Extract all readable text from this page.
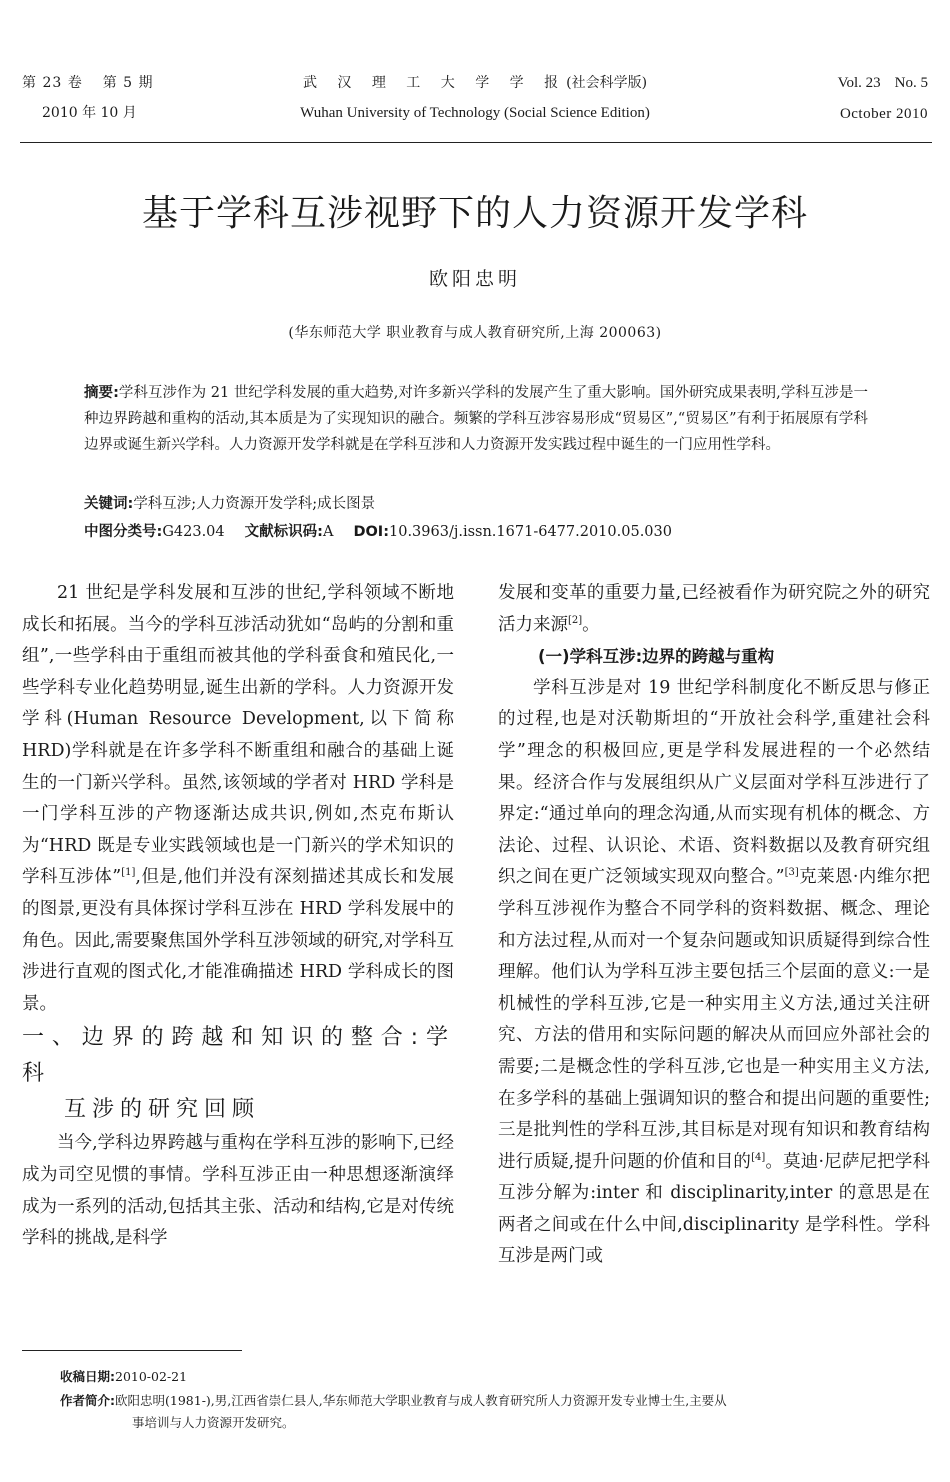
第 23 卷 第 5 期
2010 年 10 月
武 汉 理 工 大 学 学 报(社会科学版)
Wuhan University of Technology (Social Science Edition)
Vol. 23 No. 5
October 2010
基于学科互涉视野下的人力资源开发学科
欧阳忠明
(华东师范大学 职业教育与成人教育研究所,上海 200063)
摘要:学科互涉作为 21 世纪学科发展的重大趋势,对许多新兴学科的发展产生了重大影响。国外研究成果表明,学科互涉是一种边界跨越和重构的活动,其本质是为了实现知识的融合。频繁的学科互涉容易形成“贸易区”,“贸易区”有利于拓展原有学科边界或诞生新兴学科。人力资源开发学科就是在学科互涉和人力资源开发实践过程中诞生的一门应用性学科。
关键词:学科互涉;人力资源开发学科;成长图景
中图分类号:G423.04 文献标识码:A DOI:10.3963/j.issn.1671-6477.2010.05.030

21 世纪是学科发展和互涉的世纪,学科领域不断地成长和拓展。当今的学科互涉活动犹如“岛屿的分割和重组”,一些学科由于重组而被其他的学科蚕食和殖民化,一些学科专业化趋势明显,诞生出新的学科。人力资源开发学科(Human Resource Development,以下简称 HRD)学科就是在许多学科不断重组和融合的基础上诞生的一门新兴学科。虽然,该领域的学者对 HRD 学科是一门学科互涉的产物逐渐达成共识,例如,杰克布斯认为“HRD 既是专业实践领域也是一门新兴的学术知识的学科互涉体”[1],但是,他们并没有深刻描述其成长和发展的图景,更没有具体探讨学科互涉在 HRD 学科发展中的角色。因此,需要聚焦国外学科互涉领域的研究,对学科互涉进行直观的图式化,才能准确描述 HRD 学科成长的图景。

一、边界的跨越和知识的整合:学科
互涉的研究回顾

当今,学科边界跨越与重构在学科互涉的影响下,已经成为司空见惯的事情。学科互涉正由一种思想逐渐演绎成为一系列的活动,包括其主张、活动和结构,它是对传统学科的挑战,是科学

发展和变革的重要力量,已经被看作为研究院之外的研究活力来源[2]。

(一)学科互涉:边界的跨越与重构

学科互涉是对 19 世纪学科制度化不断反思与修正的过程,也是对沃勒斯坦的“开放社会科学,重建社会科学”理念的积极回应,更是学科发展进程的一个必然结果。经济合作与发展组织从广义层面对学科互涉进行了界定:“通过单向的理念沟通,从而实现有机体的概念、方法论、过程、认识论、术语、资料数据以及教育研究组织之间在更广泛领域实现双向整合。”[3]克莱恩·内维尔把学科互涉视作为整合不同学科的资料数据、概念、理论和方法过程,从而对一个复杂问题或知识质疑得到综合性理解。他们认为学科互涉主要包括三个层面的意义:一是机械性的学科互涉,它是一种实用主义方法,通过关注研究、方法的借用和实际问题的解决从而回应外部社会的需要;二是概念性的学科互涉,它也是一种实用主义方法,在多学科的基础上强调知识的整合和提出问题的重要性;三是批判性的学科互涉,其目标是对现有知识和教育结构进行质疑,提升问题的价值和目的[4]。莫迪·尼萨尼把学科互涉分解为:inter 和 disciplinarity,inter 的意思是在两者之间或在什么中间,disciplinarity 是学科性。学科互涉是两门或

收稿日期:2010-02-21
作者简介:欧阳忠明(1981-),男,江西省崇仁县人,华东师范大学职业教育与成人教育研究所人力资源开发专业博士生,主要从
事培训与人力资源开发研究。
